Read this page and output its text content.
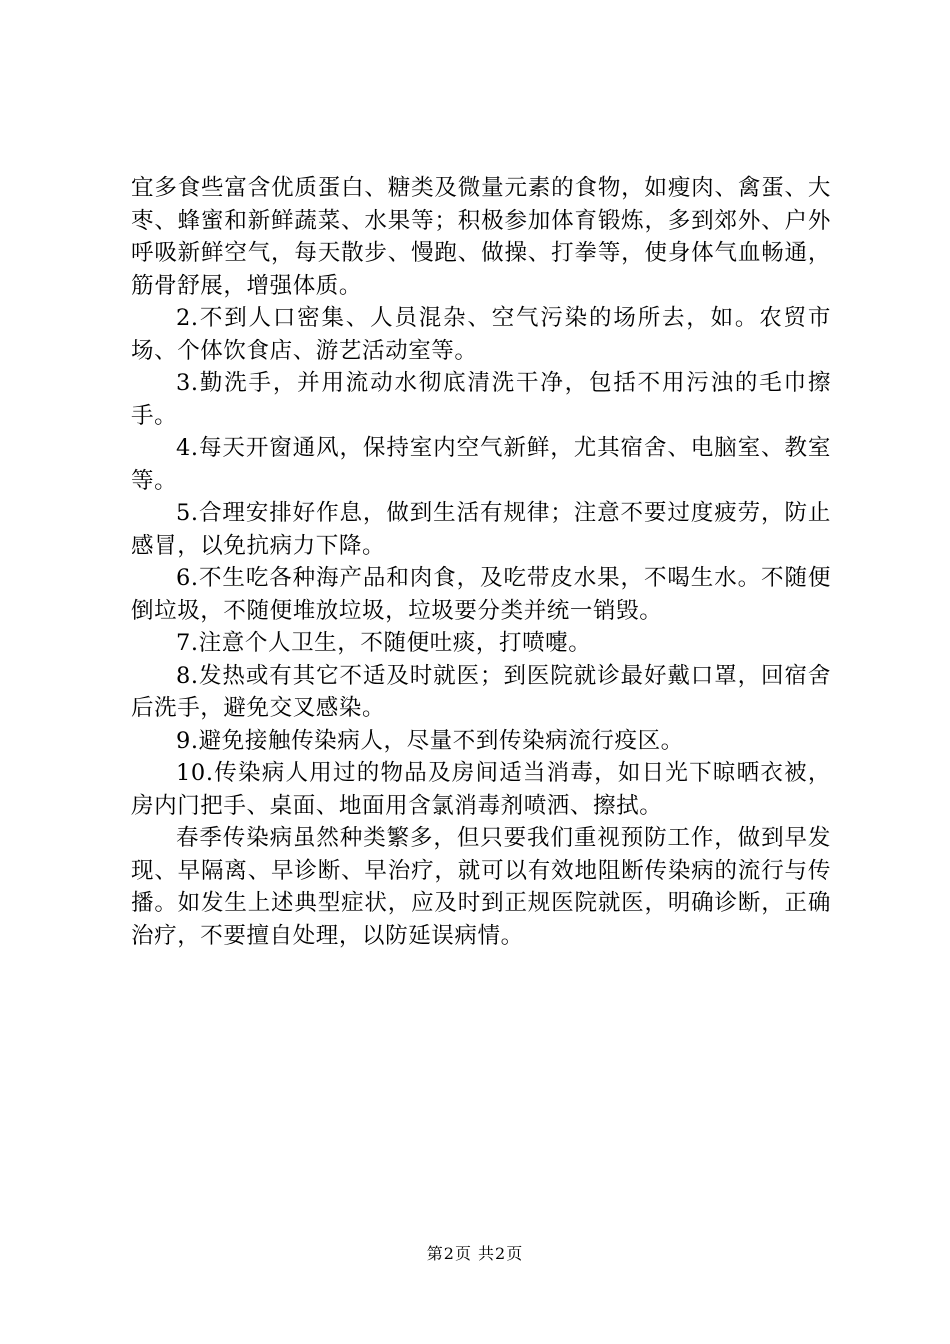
宜多食些富含优质蛋白、糖类及微量元素的食物，如瘦肉、禽蛋、大枣、蜂蜜和新鲜蔬菜、水果等；积极参加体育锻炼，多到郊外、户外呼吸新鲜空气，每天散步、慢跑、做操、打拳等，使身体气血畅通，筋骨舒展，增强体质。

2.不到人口密集、人员混杂、空气污染的场所去，如。农贸市场、个体饮食店、游艺活动室等。

3.勤洗手，并用流动水彻底清洗干净，包括不用污浊的毛巾擦手。

4.每天开窗通风，保持室内空气新鲜，尤其宿舍、电脑室、教室等。

5.合理安排好作息，做到生活有规律；注意不要过度疲劳，防止感冒，以免抗病力下降。

6.不生吃各种海产品和肉食，及吃带皮水果，不喝生水。不随便倒垃圾，不随便堆放垃圾，垃圾要分类并统一销毁。

7.注意个人卫生，不随便吐痰，打喷嚏。

8.发热或有其它不适及时就医；到医院就诊最好戴口罩，回宿舍后洗手，避免交叉感染。

9.避免接触传染病人，尽量不到传染病流行疫区。

10.传染病人用过的物品及房间适当消毒，如日光下晾晒衣被，房内门把手、桌面、地面用含氯消毒剂喷洒、擦拭。

春季传染病虽然种类繁多，但只要我们重视预防工作，做到早发现、早隔离、早诊断、早治疗，就可以有效地阻断传染病的流行与传播。如发生上述典型症状，应及时到正规医院就医，明确诊断，正确治疗，不要擅自处理，以防延误病情。

第2页 共2页
